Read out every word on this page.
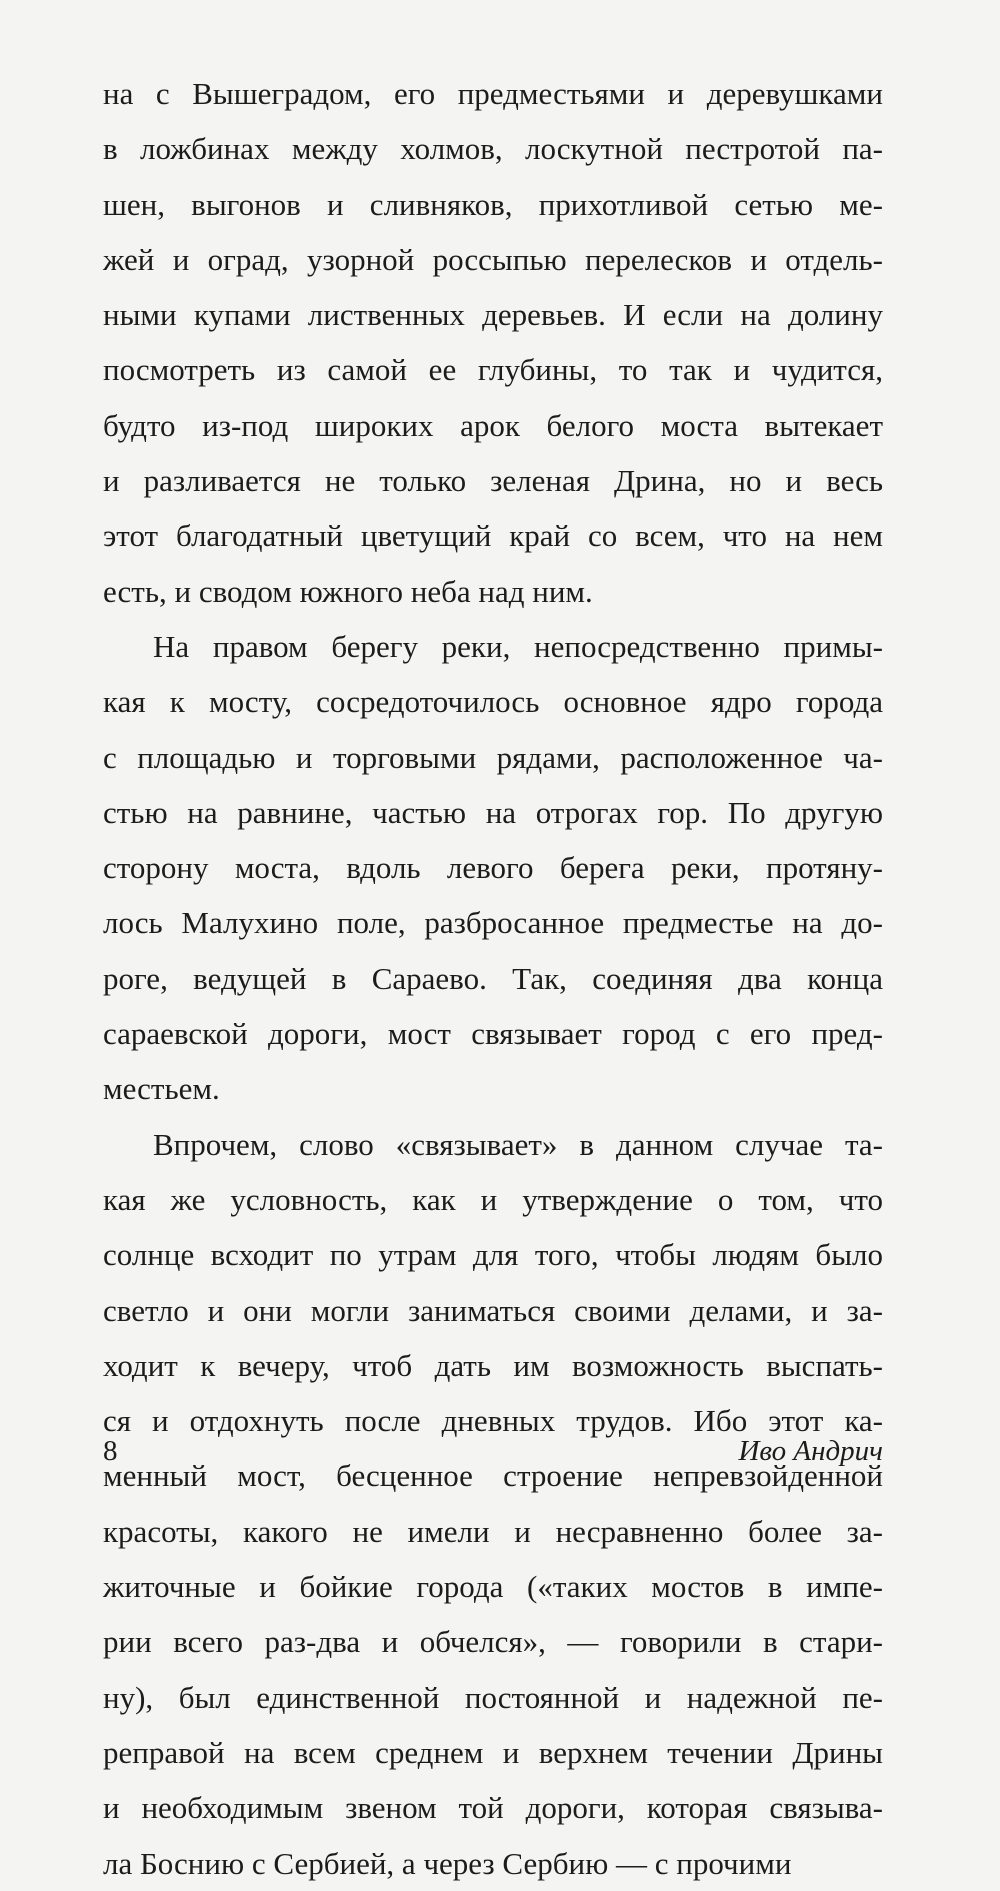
на с Вышеградом, его предместьями и деревушками
в ложбинах между холмов, лоскутной пестротой па-
шен, выгонов и сливняков, прихотливой сетью ме-
жей и оград, узорной россыпью перелесков и отдель-
ными купами лиственных деревьев. И если на долину
посмотреть из самой ее глубины, то так и чудится,
будто из-под широких арок белого моста вытекает
и разливается не только зеленая Дрина, но и весь
этот благодатный цветущий край со всем, что на нем
есть, и сводом южного неба над ним.
На правом берегу реки, непосредственно примы-
кая к мосту, сосредоточилось основное ядро города
с площадью и торговыми рядами, расположенное ча-
стью на равнине, частью на отрогах гор. По другую
сторону моста, вдоль левого берега реки, протяну-
лось Малухино поле, разбросанное предместье на до-
роге, ведущей в Сараево. Так, соединяя два конца
сараевской дороги, мост связывает город с его пред-
местьем.
Впрочем, слово «связывает» в данном случае та-
кая же условность, как и утверждение о том, что
солнце всходит по утрам для того, чтобы людям было
светло и они могли заниматься своими делами, и за-
ходит к вечеру, чтоб дать им возможность выспать-
ся и отдохнуть после дневных трудов. Ибо этот ка-
менный мост, бесценное строение непревзойденной
красоты, какого не имели и несравненно более за-
житочные и бойкие города («таких мостов в импе-
рии всего раз-два и обчелся», — говорили в стари-
ну), был единственной постоянной и надежной пе-
реправой на всем среднем и верхнем течении Дрины
и необходимым звеном той дороги, которая связыва-
ла Боснию с Сербией, а через Сербию — с прочими
8	Иво Андрич
